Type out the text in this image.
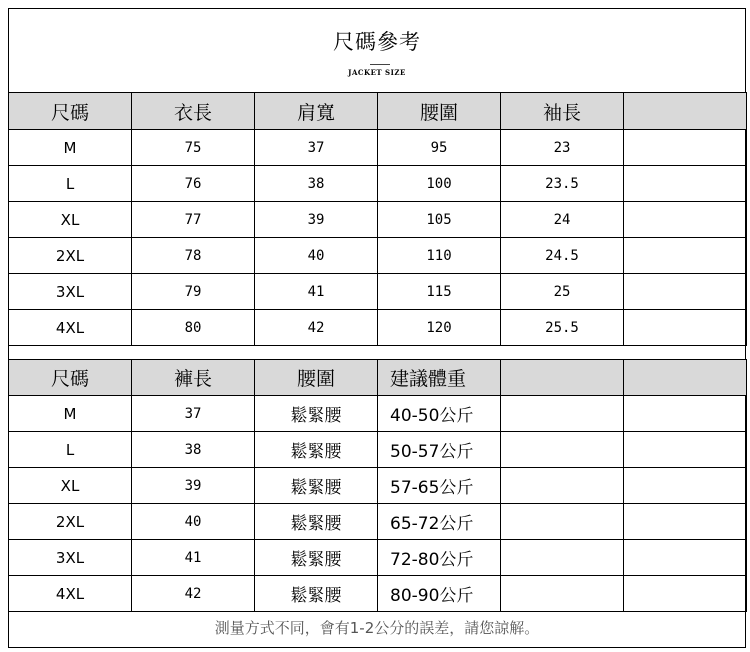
尺碼參考
JACKET SIZE
尺碼	衣長	肩寬	腰圍	袖長	
M	75	37	95	23	
L	76	38	100	23.5	
XL	77	39	105	24	
2XL	78	40	110	24.5	
3XL	79	41	115	25	
4XL	80	42	120	25.5	
尺碼	褲長	腰圍	建議體重		
M	37	鬆緊腰	40-50公斤		
L	38	鬆緊腰	50-57公斤		
XL	39	鬆緊腰	57-65公斤		
2XL	40	鬆緊腰	65-72公斤		
3XL	41	鬆緊腰	72-80公斤		
4XL	42	鬆緊腰	80-90公斤		
測量方式不同，會有1-2公分的誤差，請您諒解。
